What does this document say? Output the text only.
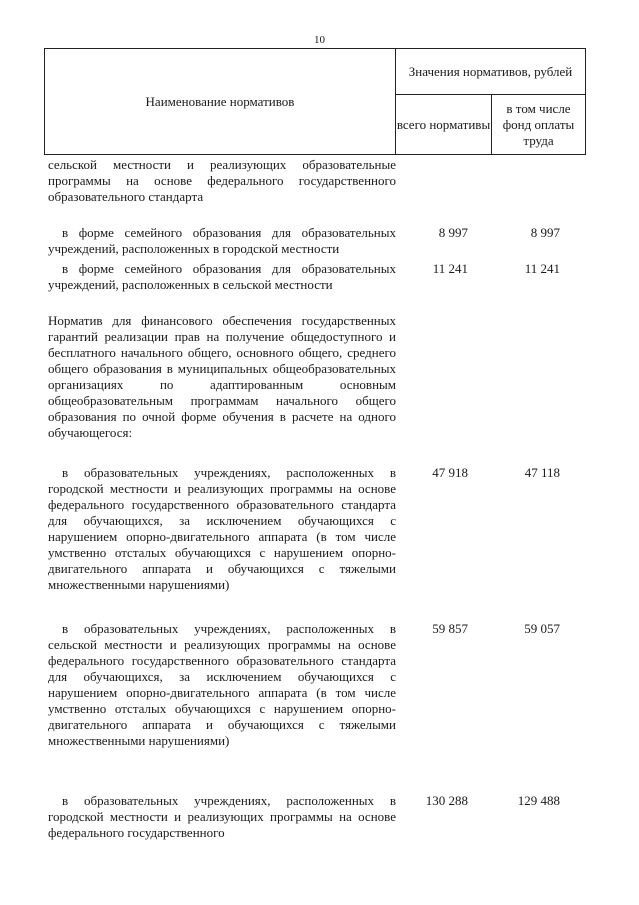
10
Наименование нормативов
Значения нормативов, рублей
всего нормативы
в том числе фонд оплаты труда
сельской местности и реализующих образовательные программы на основе федерального государственного образовательного стандарта
в форме семейного образования для образовательных учреждений, расположенных в городской местности
8 997	8 997
в форме семейного образования для образовательных учреждений, расположенных в сельской местности
11 241	11 241
Норматив для финансового обеспечения государственных гарантий реализации прав на получение общедоступного и бесплатного начального общего, основного общего, среднего общего образования в муниципальных общеобразовательных организациях по адаптированным основным общеобразовательным программам начального общего образования по очной форме обучения в расчете на одного обучающегося:
в образовательных учреждениях, расположенных в городской местности и реализующих программы на основе федерального государственного образовательного стандарта для обучающихся, за исключением обучающихся с нарушением опорно-двигательного аппарата (в том числе умственно отсталых обучающихся с нарушением опорно-двигательного аппарата и обучающихся с тяжелыми множественными нарушениями)
47 918	47 118
в образовательных учреждениях, расположенных в сельской местности и реализующих программы на основе федерального государственного образовательного стандарта для обучающихся, за исключением обучающихся с нарушением опорно-двигательного аппарата (в том числе умственно отсталых обучающихся с нарушением опорно-двигательного аппарата и обучающихся с тяжелыми множественными нарушениями)
59 857	59 057
в образовательных учреждениях, расположенных в городской местности и реализующих программы на основе федерального государственного
130 288	129 488
